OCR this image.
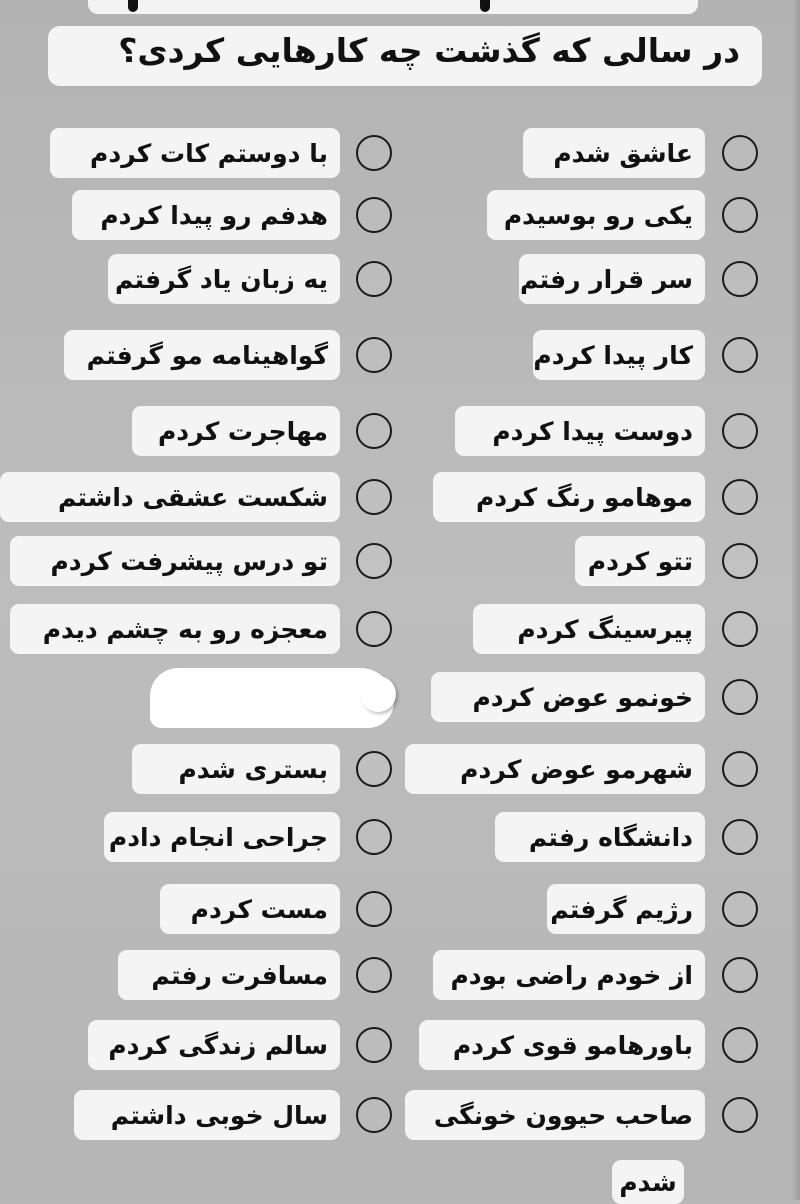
در سالی که گذشت چه کارهایی کردی؟
عاشق شدم
یکی رو بوسیدم
سر قرار رفتم
کار پیدا کردم
دوست پیدا کردم
موهامو رنگ کردم
تتو کردم
پیرسینگ کردم
خونمو عوض کردم
شهرمو عوض کردم
دانشگاه رفتم
رژیم گرفتم
از خودم راضی بودم
باورهامو قوی کردم
صاحب حیوون خونگی
با دوستم کات کردم
هدفم رو پیدا کردم
یه زبان یاد گرفتم
گواهینامه مو گرفتم
مهاجرت کردم
شکست عشقی داشتم
تو درس پیشرفت کردم
معجزه رو به چشم دیدم
بستری شدم
جراحی انجام دادم
مست کردم
مسافرت رفتم
سالم زندگی کردم
سال خوبی داشتم
شدم
